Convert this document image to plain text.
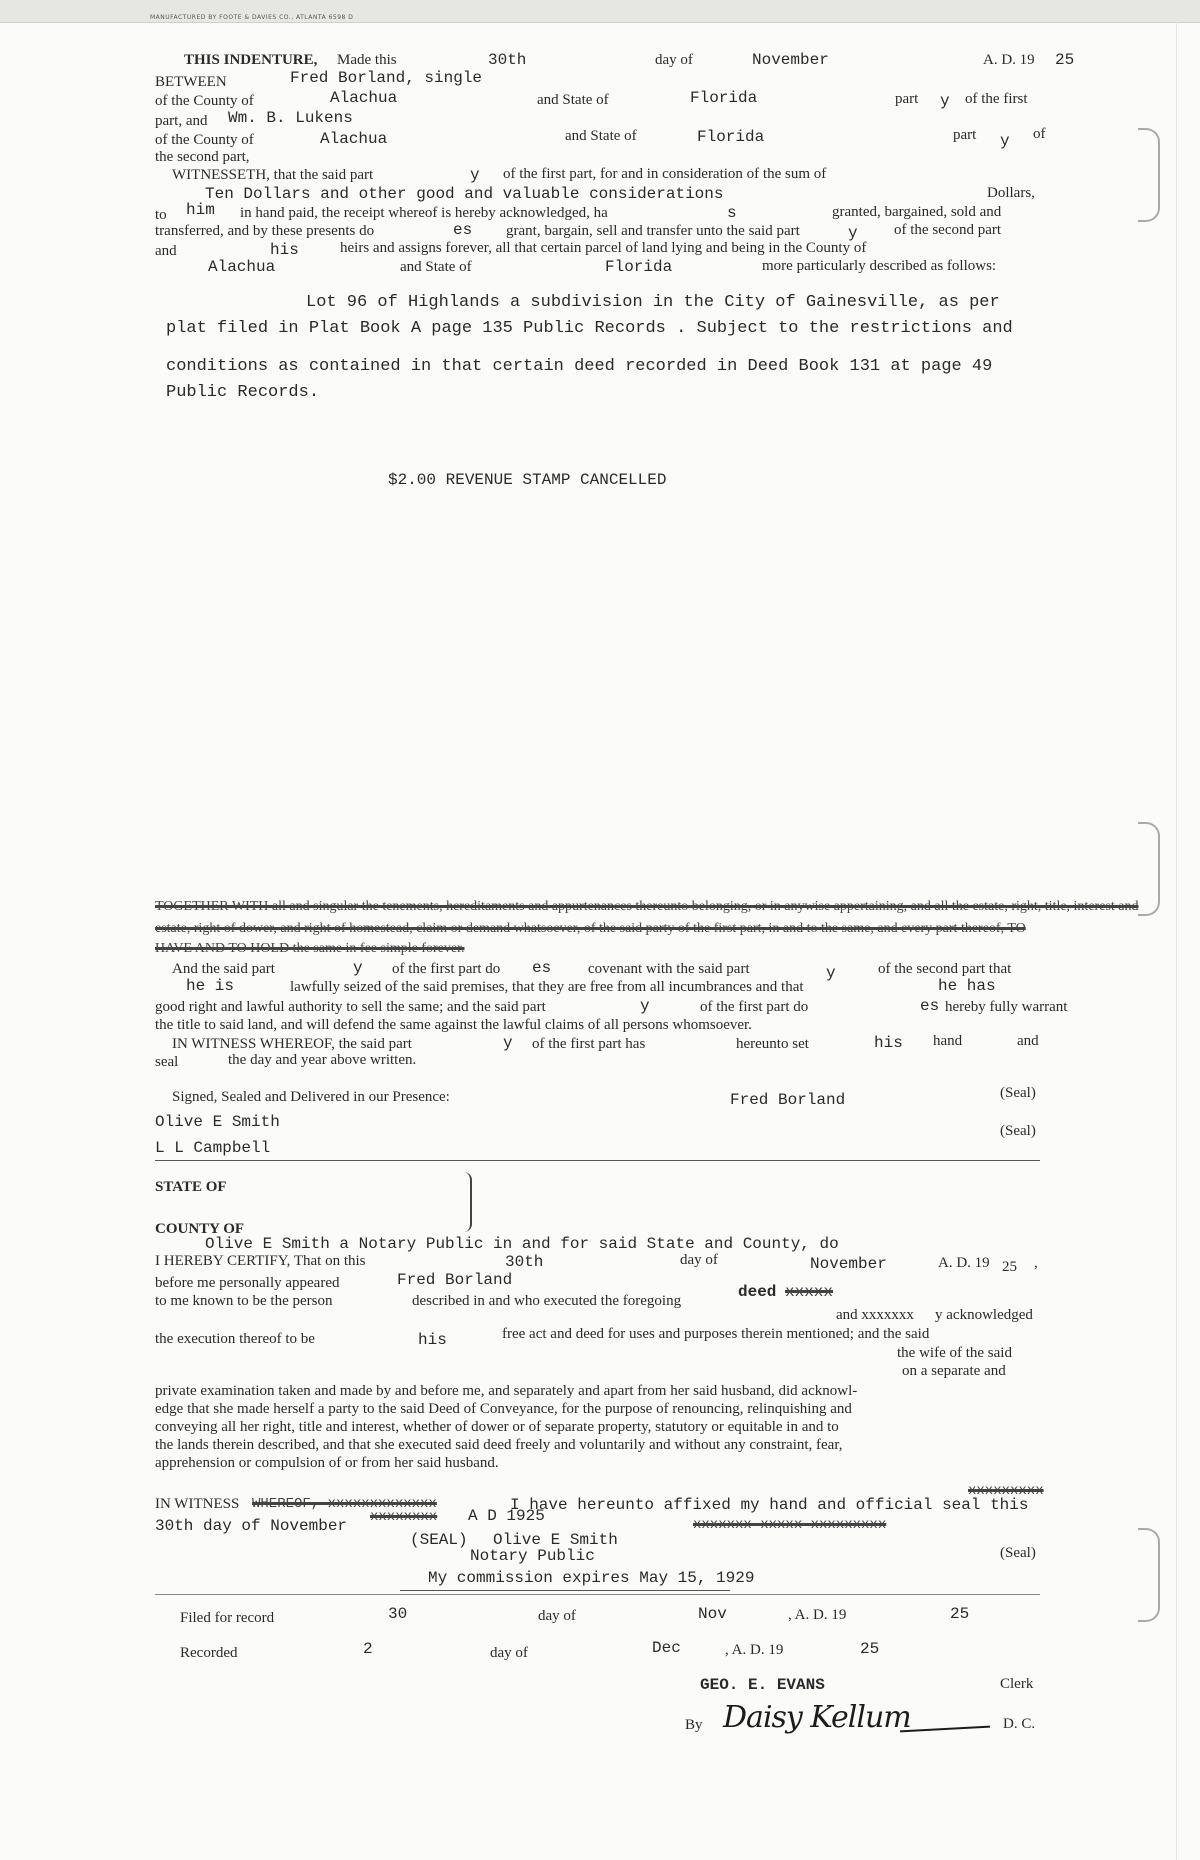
MANUFACTURED BY FOOTE & DAVIES CO., ATLANTA 6598 D
THIS INDENTURE, Made this	30th	day of	November	A. D. 19 25
BETWEEN	Fred Borland, single
of the County of	Alachua	and State of	Florida	part y of the first
part, and Wm. B. Lukens
of the County of	Alachua	and State of	Florida	part y of
the second part,
WITNESSETH, that the said part	y of the first part, for and in consideration of the sum of
Ten Dollars and other good and valuable considerations	Dollars,
to him in hand paid, the receipt whereof is hereby acknowledged, ha	s	granted, bargained, sold and
transferred, and by these presents do	es grant, bargain, sell and transfer unto the said part	y of the second part
and	his	heirs and assigns forever, all that certain parcel of land lying and being in the County of
Alachua	and State of	Florida	more particularly described as follows:
Lot 96 of Highlands a subdivision in the City of Gainesville, as per
plat filed in Plat Book A page 135 Public Records . Subject to the restrictions and
conditions as contained in that certain deed recorded in Deed Book 131 at page 49
Public Records.
$2.00 REVENUE STAMP CANCELLED
TOGETHER WITH all and singular the tenements, hereditaments and appurtenances thereunto belonging, or in anywise appertaining, and all the estate, right, title, interest and
estate, right of dower, and right of homestead, claim or demand whatsoever, of the said party of the first part, in and to the same, and every part thereof, TO
HAVE AND TO HOLD the same in fee simple forever.
And the said part	y of the first part do es covenant with the said part	y	of the second part that
he is	lawfully seized of the said premises, that they are free from all incumbrances and that	he has
good right and lawful authority to sell the same; and the said part	y	of the first part do	es hereby fully warrant
the title to said land, and will defend the same against the lawful claims of all persons whomsoever.
IN WITNESS WHEREOF, the said part	y of the first part has	hereunto set	his hand	and
seal	the day and year above written.
Signed, Sealed and Delivered in our Presence:	Fred Borland	(Seal)
Olive E Smith	(Seal)
L L Campbell
STATE OF
COUNTY OF
Olive E Smith a Notary Public in and for said State and County, do
I HEREBY CERTIFY, That on this	30th	day of	November	A. D. 19 25 ,
before me personally appeared	Fred Borland
to me known to be the person	described in and who executed the foregoing	deed xxxxx
and xxxxxxx y acknowledged
the execution thereof to be	his	free act and deed for uses and purposes therein mentioned; and the said
the wife of the said
on a separate and
private examination taken and made by and before me, and separately and apart from her said husband, did acknowl-
edge that she made herself a party to the said Deed of Conveyance, for the purpose of renouncing, relinquishing and
conveying all her right, title and interest, whether of dower or of separate property, statutory or equitable in and to
the lands therein described, and that she executed said deed freely and voluntarily and without any constraint, fear,
apprehension or compulsion of or from her said husband.
IN WITNESS WHEREOF, xxxxxxxxxxxxx	I have hereunto affixed my hand and official seal this
xxxxxxxxx
30th day of November xxxxxxxx A D 1925	xxxxxxx xxxxx xxxxxxxxx
(SEAL) Olive E Smith
Notary Public	(Seal)
My commission expires May 15, 1929
Filed for record	30	day of	Nov	, A. D. 19	25
Recorded	2	day of	Dec	, A. D. 19	25
GEO. E. EVANS	Clerk
By Daisy Kellum	D. C.
